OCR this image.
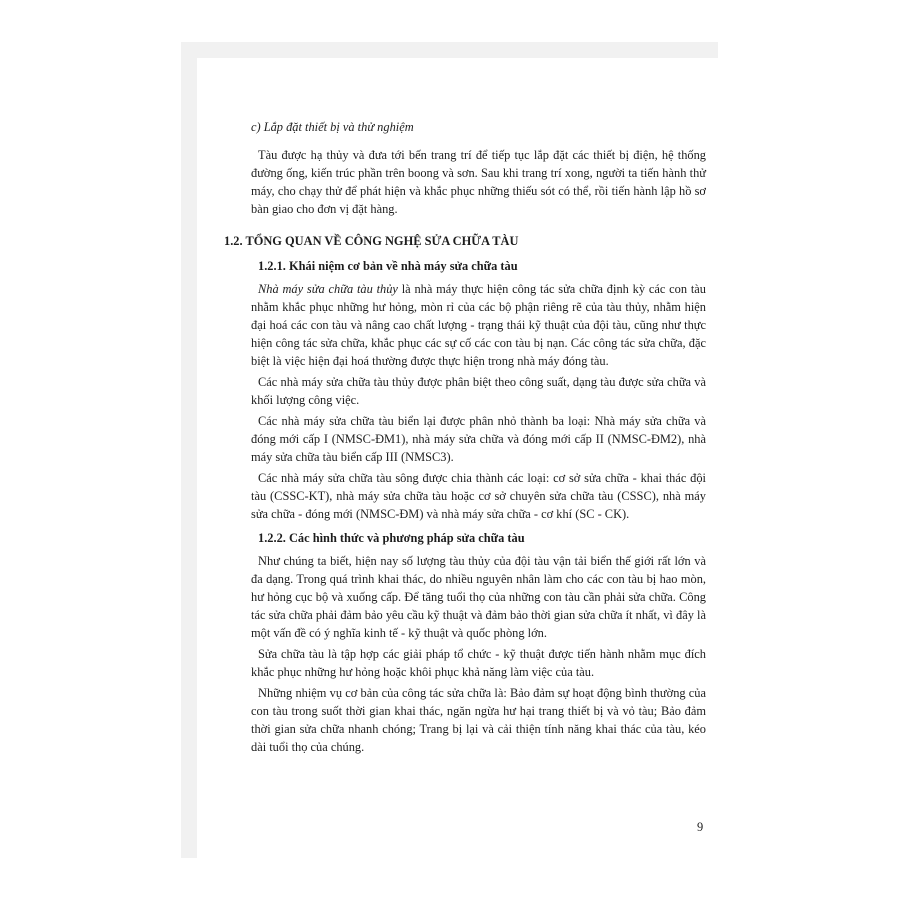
c) Lắp đặt thiết bị và thử nghiệm

Tàu được hạ thủy và đưa tới bến trang trí để tiếp tục lắp đặt các thiết bị điện, hệ thống đường ống, kiến trúc phần trên boong và sơn. Sau khi trang trí xong, người ta tiến hành thử máy, cho chạy thử để phát hiện và khắc phục những thiếu sót có thể, rồi tiến hành lập hồ sơ bàn giao cho đơn vị đặt hàng.

1.2. TỔNG QUAN VỀ CÔNG NGHỆ SỬA CHỮA TÀU

1.2.1. Khái niệm cơ bản về nhà máy sửa chữa tàu

Nhà máy sửa chữa tàu thủy là nhà máy thực hiện công tác sửa chữa định kỳ các con tàu nhằm khắc phục những hư hỏng, mòn rỉ của các bộ phận riêng rẽ của tàu thủy, nhằm hiện đại hoá các con tàu và nâng cao chất lượng - trạng thái kỹ thuật của đội tàu, cũng như thực hiện công tác sửa chữa, khắc phục các sự cố các con tàu bị nạn. Các công tác sửa chữa, đặc biệt là việc hiện đại hoá thường được thực hiện trong nhà máy đóng tàu.

Các nhà máy sửa chữa tàu thủy được phân biệt theo công suất, dạng tàu được sửa chữa và khối lượng công việc.

Các nhà máy sửa chữa tàu biển lại được phân nhỏ thành ba loại: Nhà máy sửa chữa và đóng mới cấp I (NMSC-ĐM1), nhà máy sửa chữa và đóng mới cấp II (NMSC-ĐM2), nhà máy sửa chữa tàu biển cấp III (NMSC3).

Các nhà máy sửa chữa tàu sông được chia thành các loại: cơ sở sửa chữa - khai thác đội tàu (CSSC-KT), nhà máy sửa chữa tàu hoặc cơ sở chuyên sửa chữa tàu (CSSC), nhà máy sửa chữa - đóng mới (NMSC-ĐM) và nhà máy sửa chữa - cơ khí (SC - CK).

1.2.2. Các hình thức và phương pháp sửa chữa tàu

Như chúng ta biết, hiện nay số lượng tàu thủy của đội tàu vận tải biển thế giới rất lớn và đa dạng. Trong quá trình khai thác, do nhiều nguyên nhân làm cho các con tàu bị hao mòn, hư hỏng cục bộ và xuống cấp. Để tăng tuổi thọ của những con tàu cần phải sửa chữa. Công tác sửa chữa phải đảm bảo yêu cầu kỹ thuật và đảm bảo thời gian sửa chữa ít nhất, vì đây là một vấn đề có ý nghĩa kinh tế - kỹ thuật và quốc phòng lớn.

Sửa chữa tàu là tập hợp các giải pháp tổ chức - kỹ thuật được tiến hành nhằm mục đích khắc phục những hư hỏng hoặc khôi phục khả năng làm việc của tàu.

Những nhiệm vụ cơ bản của công tác sửa chữa là: Bảo đảm sự hoạt động bình thường của con tàu trong suốt thời gian khai thác, ngăn ngừa hư hại trang thiết bị và vỏ tàu; Bảo đảm thời gian sửa chữa nhanh chóng; Trang bị lại và cải thiện tính năng khai thác của tàu, kéo dài tuổi thọ của chúng.

9
